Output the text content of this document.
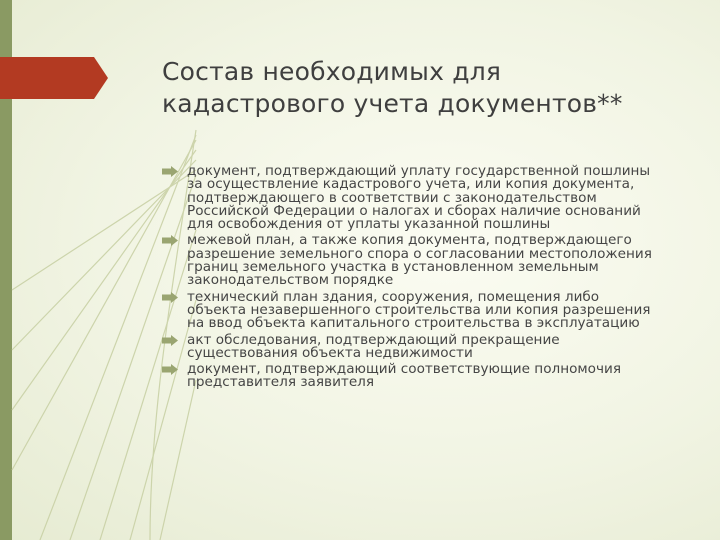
Состав необходимых для кадастрового учета документов**
документ, подтверждающий уплату государственной пошлины за осуществление кадастрового учета, или копия документа, подтверждающего в соответствии с законодательством Российской Федерации о налогах и сборах наличие оснований для освобождения от уплаты указанной пошлины
межевой план, а также копия документа, подтверждающего разрешение земельного спора о согласовании местоположения границ земельного участка в установленном земельным законодательством порядке
технический план здания, сооружения, помещения либо объекта незавершенного строительства или копия разрешения на ввод объекта капитального строительства в эксплуатацию
акт обследования, подтверждающий прекращение существования объекта недвижимости
документ, подтверждающий соответствующие полномочия представителя заявителя
